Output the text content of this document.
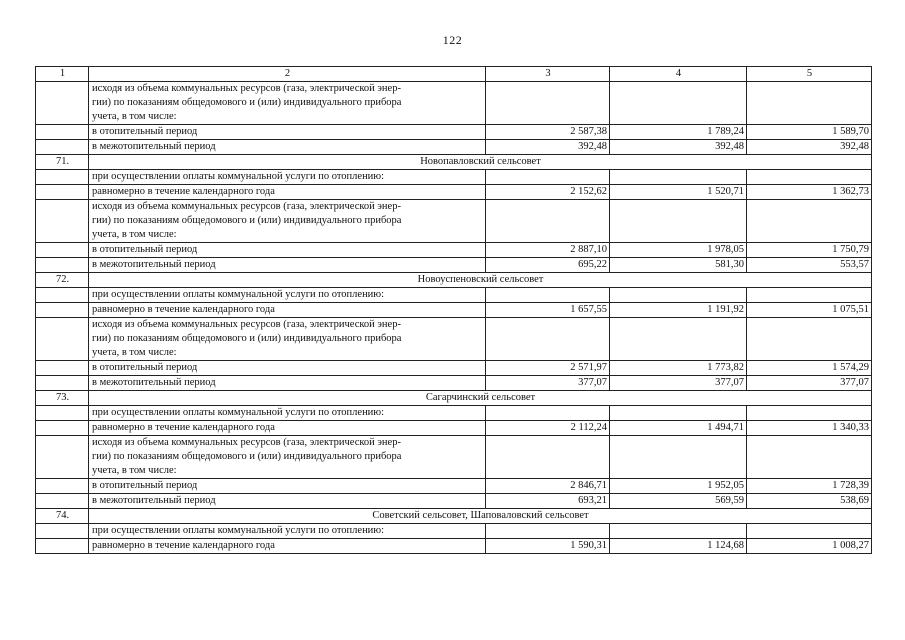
122
1	2	3	4	5
	исходя из объема коммунальных ресурсов (газа, электрической энер-
гии) по показаниям общедомового и (или) индивидуального прибора
учета, в том числе:			
	в отопительный период	2 587,38	1 789,24	1 589,70
	в межотопительный период	392,48	392,48	392,48
71.	Новопавловский сельсовет			
	при осуществлении оплаты коммунальной услуги по отоплению:			
	равномерно в течение календарного года	2 152,62	1 520,71	1 362,73
	исходя из объема коммунальных ресурсов (газа, электрической энер-
гии) по показаниям общедомового и (или) индивидуального прибора
учета, в том числе:			
	в отопительный период	2 887,10	1 978,05	1 750,79
	в межотопительный период	695,22	581,30	553,57
72.	Новоуспеновский сельсовет			
	при осуществлении оплаты коммунальной услуги по отоплению:			
	равномерно в течение календарного года	1 657,55	1 191,92	1 075,51
	исходя из объема коммунальных ресурсов (газа, электрической энер-
гии) по показаниям общедомового и (или) индивидуального прибора
учета, в том числе:			
	в отопительный период	2 571,97	1 773,82	1 574,29
	в межотопительный период	377,07	377,07	377,07
73.	Сагарчинский сельсовет			
	при осуществлении оплаты коммунальной услуги по отоплению:			
	равномерно в течение календарного года	2 112,24	1 494,71	1 340,33
	исходя из объема коммунальных ресурсов (газа, электрической энер-
гии) по показаниям общедомового и (или) индивидуального прибора
учета, в том числе:			
	в отопительный период	2 846,71	1 952,05	1 728,39
	в межотопительный период	693,21	569,59	538,69
74.	Советский сельсовет, Шаповаловский сельсовет			
	при осуществлении оплаты коммунальной услуги по отоплению:			
	равномерно в течение календарного года	1 590,31	1 124,68	1 008,27
